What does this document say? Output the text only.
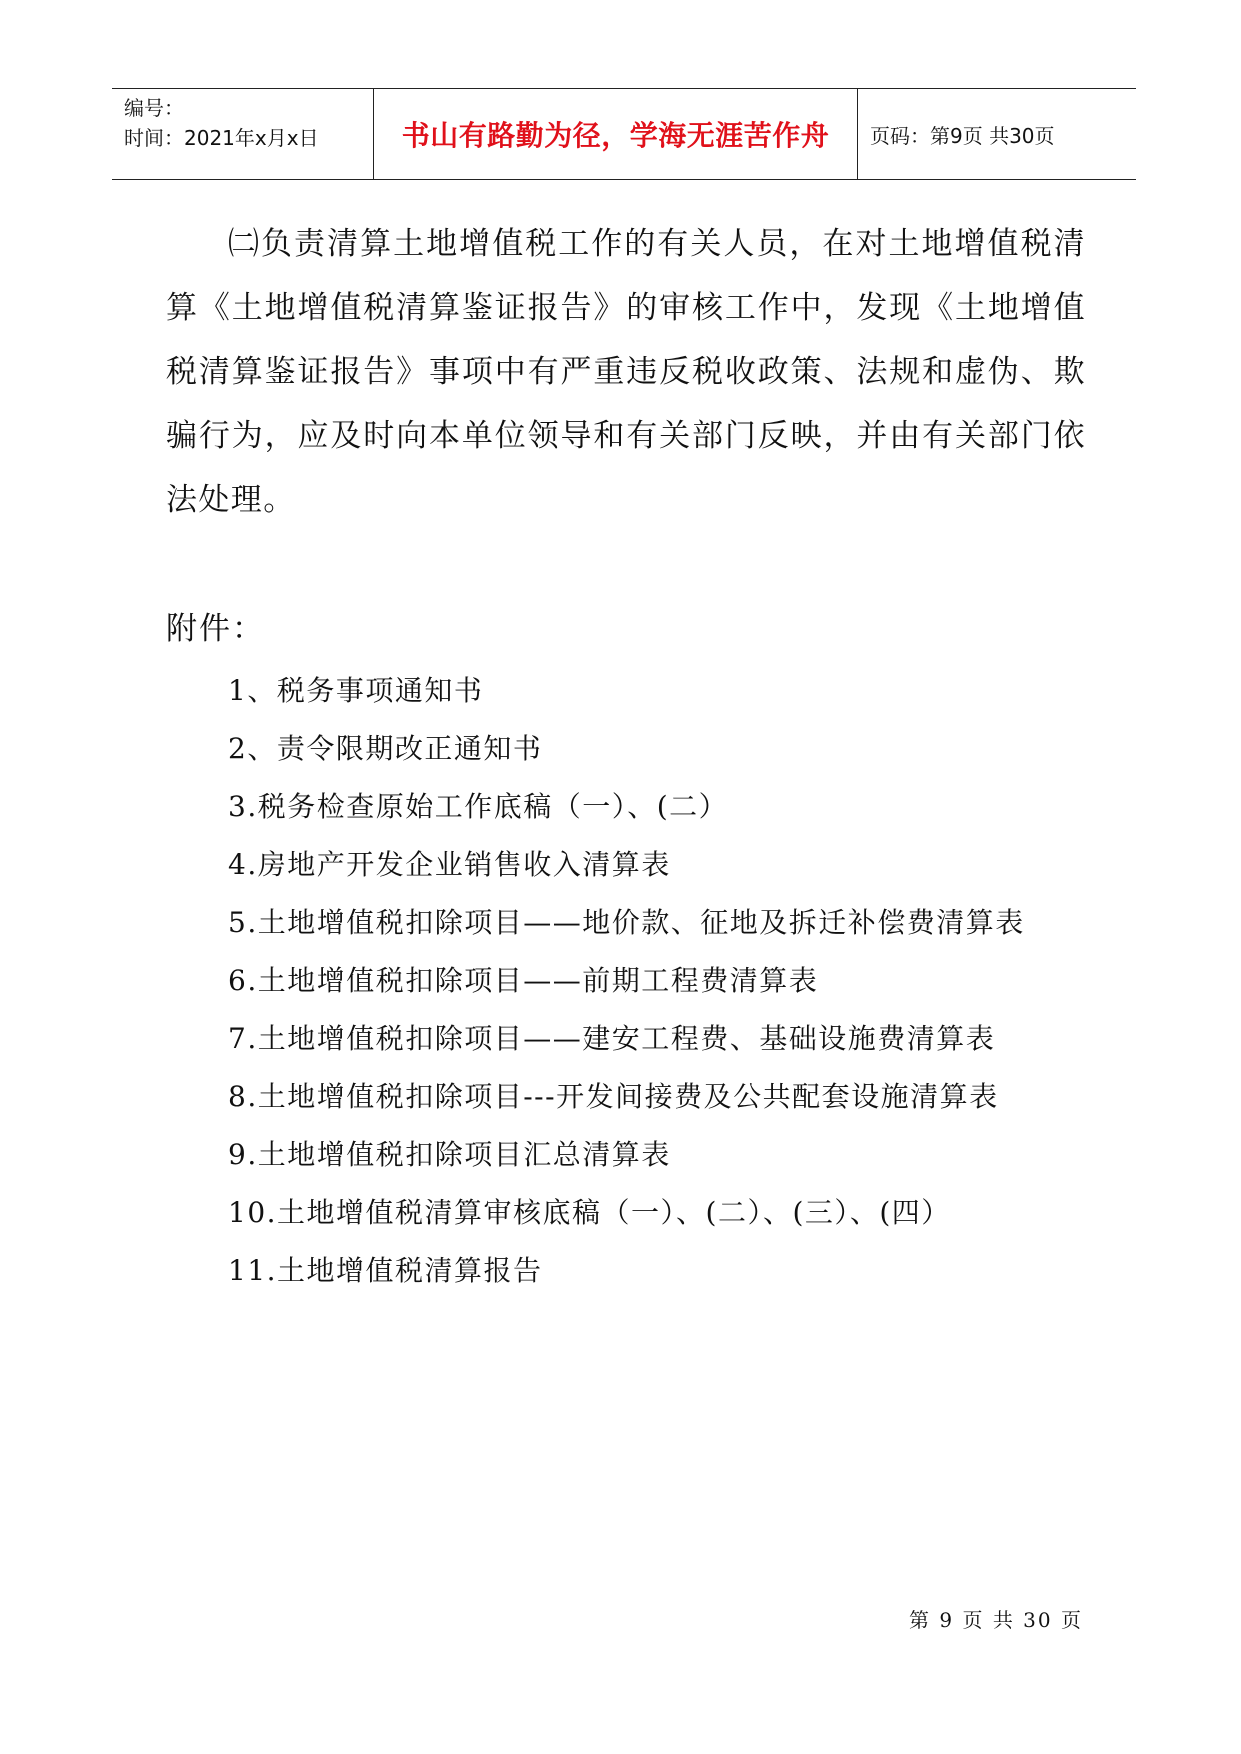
编号：
时间：2021年x月x日	书山有路勤为径，学海无涯苦作舟 页码：第9页 共30页

㈡负责清算土地增值税工作的有关人员，在对土地增值税清算《土地增值税清算鉴证报告》的审核工作中，发现《土地增值税清算鉴证报告》事项中有严重违反税收政策、法规和虚伪、欺骗行为，应及时向本单位领导和有关部门反映，并由有关部门依法处理。

附件：
1、税务事项通知书
2、责令限期改正通知书
3.税务检查原始工作底稿（一）、(二）
4.房地产开发企业销售收入清算表
5.土地增值税扣除项目——地价款、征地及拆迁补偿费清算表
6.土地增值税扣除项目——前期工程费清算表
7.土地增值税扣除项目——建安工程费、基础设施费清算表
8.土地增值税扣除项目---开发间接费及公共配套设施清算表
9.土地增值税扣除项目汇总清算表
10.土地增值税清算审核底稿（一）、(二）、(三）、(四）
11.土地增值税清算报告
第 9 页 共 30 页
